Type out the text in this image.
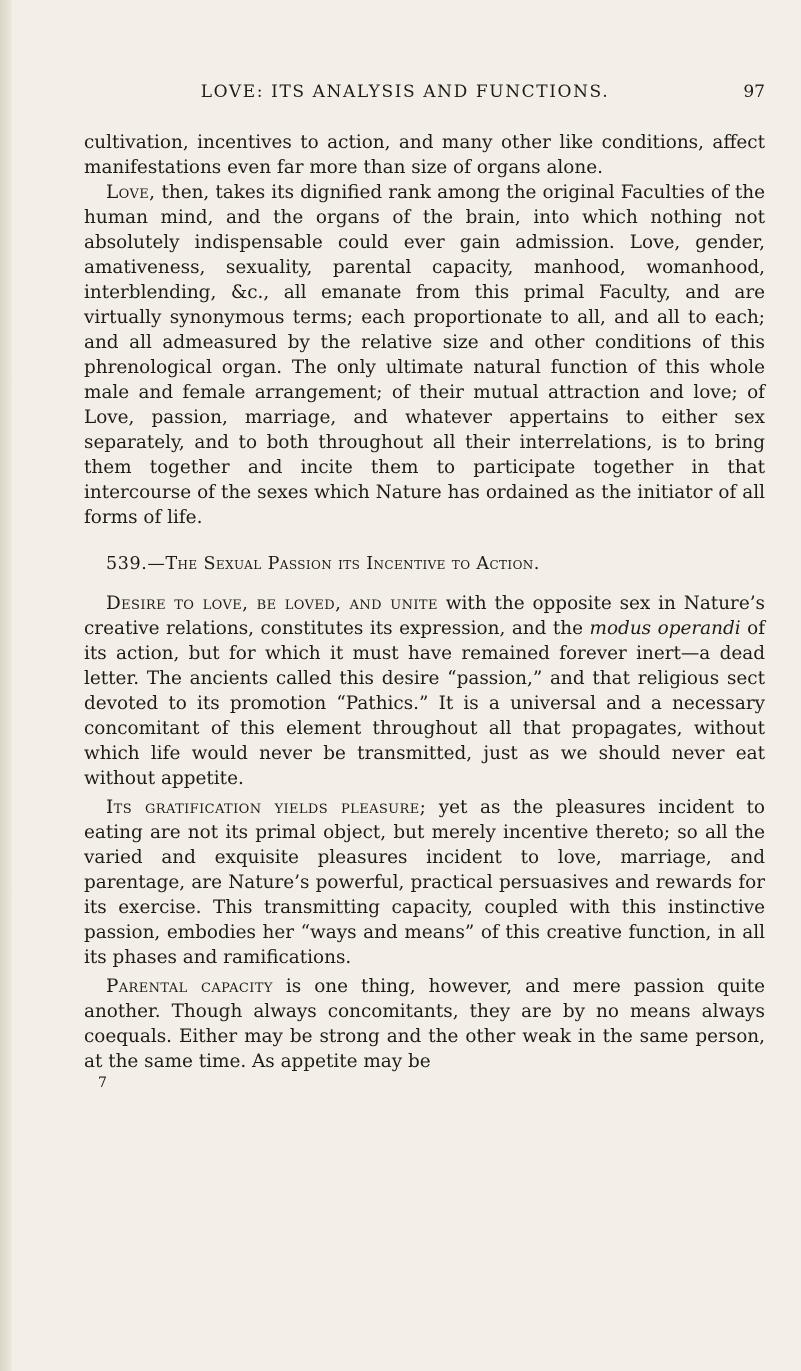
LOVE: ITS ANALYSIS AND FUNCTIONS.	97

cultivation, incentives to action, and many other like conditions, affect manifestations even far more than size of organs alone.

Love, then, takes its dignified rank among the original Faculties of the human mind, and the organs of the brain, into which nothing not absolutely indispensable could ever gain admission. Love, gender, amativeness, sexuality, parental capacity, manhood, womanhood, interblending, &c., all emanate from this primal Faculty, and are virtually synonymous terms; each proportionate to all, and all to each; and all admeasured by the relative size and other conditions of this phrenological organ. The only ultimate natural function of this whole male and female arrangement; of their mutual attraction and love; of Love, passion, marriage, and whatever appertains to either sex separately, and to both throughout all their interrelations, is to bring them together and incite them to participate together in that intercourse of the sexes which Nature has ordained as the initiator of all forms of life.

539.—The Sexual Passion its Incentive to Action.

Desire to love, be loved, and unite with the opposite sex in Nature’s creative relations, constitutes its expression, and the modus operandi of its action, but for which it must have remained forever inert—a dead letter. The ancients called this desire “passion,” and that religious sect devoted to its promotion “Pathics.” It is a universal and a necessary concomitant of this element throughout all that propagates, without which life would never be transmitted, just as we should never eat without appetite.

Its gratification yields pleasure; yet as the pleasures incident to eating are not its primal object, but merely incentive thereto; so all the varied and exquisite pleasures incident to love, marriage, and parentage, are Nature’s powerful, practical persuasives and rewards for its exercise. This transmitting capacity, coupled with this instinctive passion, embodies her “ways and means” of this creative function, in all its phases and ramifications.

Parental capacity is one thing, however, and mere passion quite another. Though always concomitants, they are by no means always coequals. Either may be strong and the other weak in the same person, at the same time. As appetite may be

7
